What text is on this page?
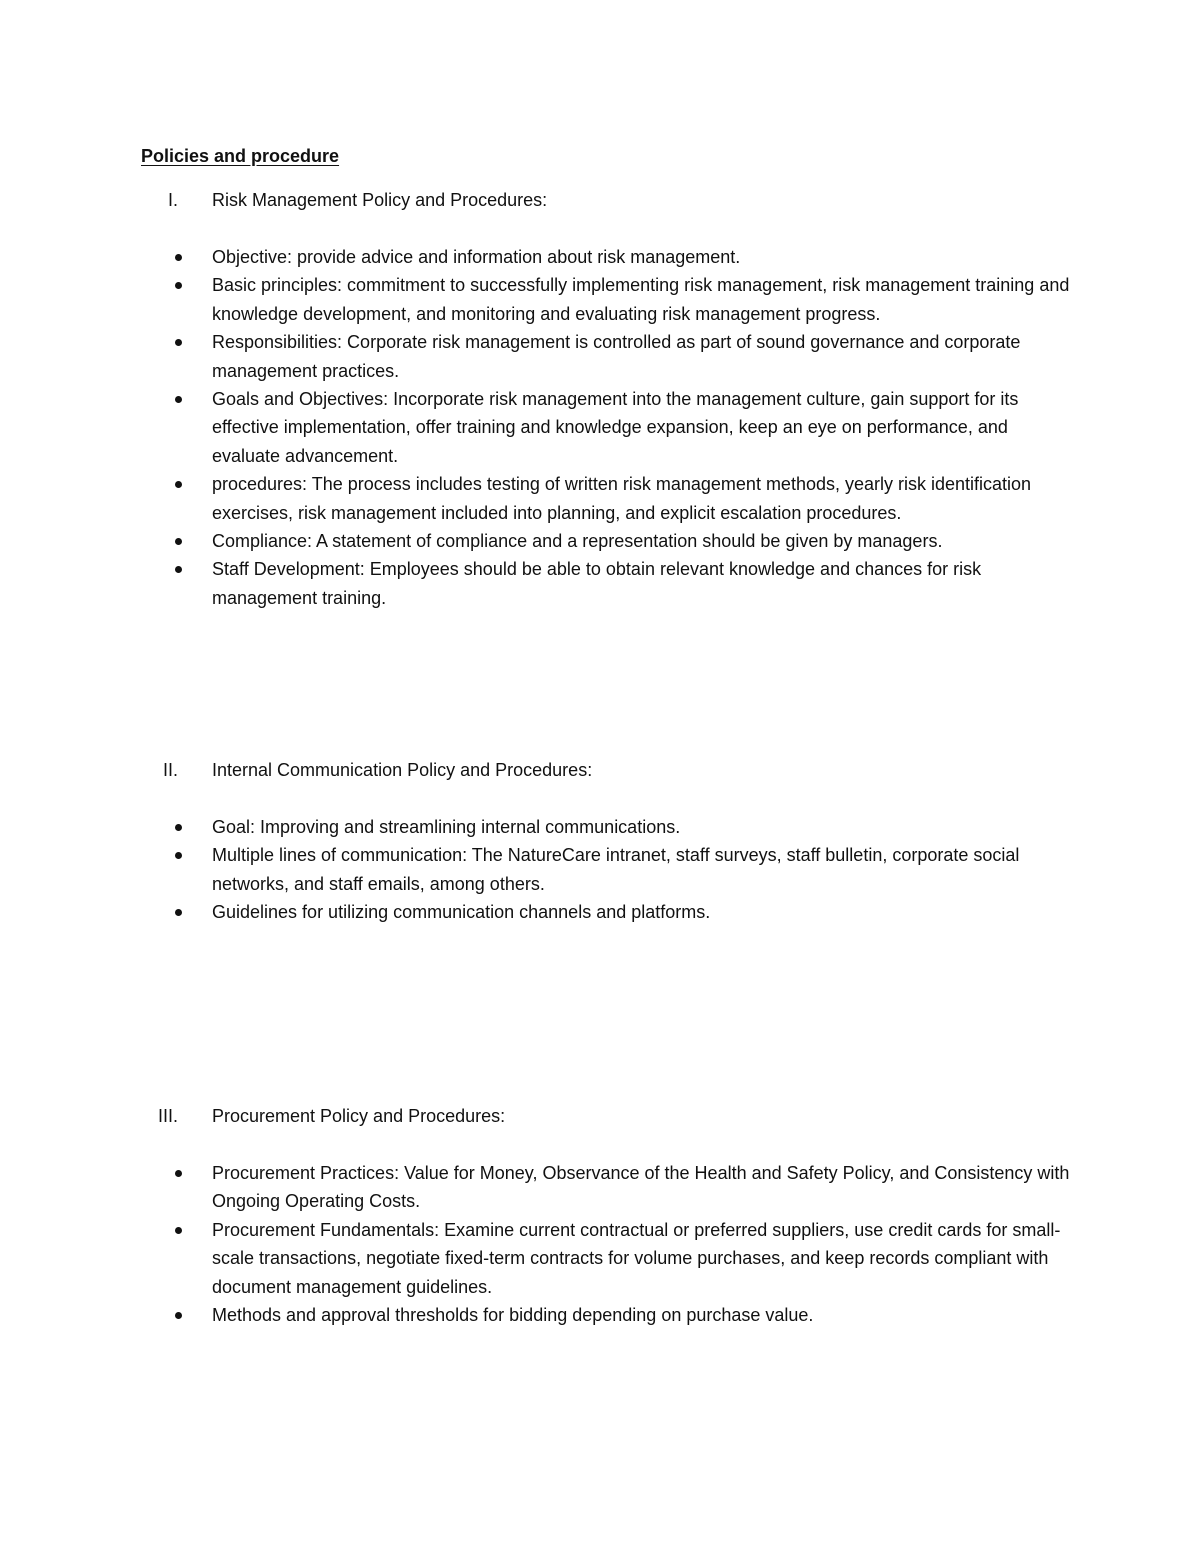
Policies and procedure
I. Risk Management Policy and Procedures:
Objective: provide advice and information about risk management.
Basic principles: commitment to successfully implementing risk management, risk management training and knowledge development, and monitoring and evaluating risk management progress.
Responsibilities: Corporate risk management is controlled as part of sound governance and corporate management practices.
Goals and Objectives: Incorporate risk management into the management culture, gain support for its effective implementation, offer training and knowledge expansion, keep an eye on performance, and evaluate advancement.
procedures: The process includes testing of written risk management methods, yearly risk identification exercises, risk management included into planning, and explicit escalation procedures.
Compliance: A statement of compliance and a representation should be given by managers.
Staff Development: Employees should be able to obtain relevant knowledge and chances for risk management training.
II. Internal Communication Policy and Procedures:
Goal: Improving and streamlining internal communications.
Multiple lines of communication: The NatureCare intranet, staff surveys, staff bulletin, corporate social networks, and staff emails, among others.
Guidelines for utilizing communication channels and platforms.
III. Procurement Policy and Procedures:
Procurement Practices: Value for Money, Observance of the Health and Safety Policy, and Consistency with Ongoing Operating Costs.
Procurement Fundamentals: Examine current contractual or preferred suppliers, use credit cards for small-scale transactions, negotiate fixed-term contracts for volume purchases, and keep records compliant with document management guidelines.
Methods and approval thresholds for bidding depending on purchase value.
